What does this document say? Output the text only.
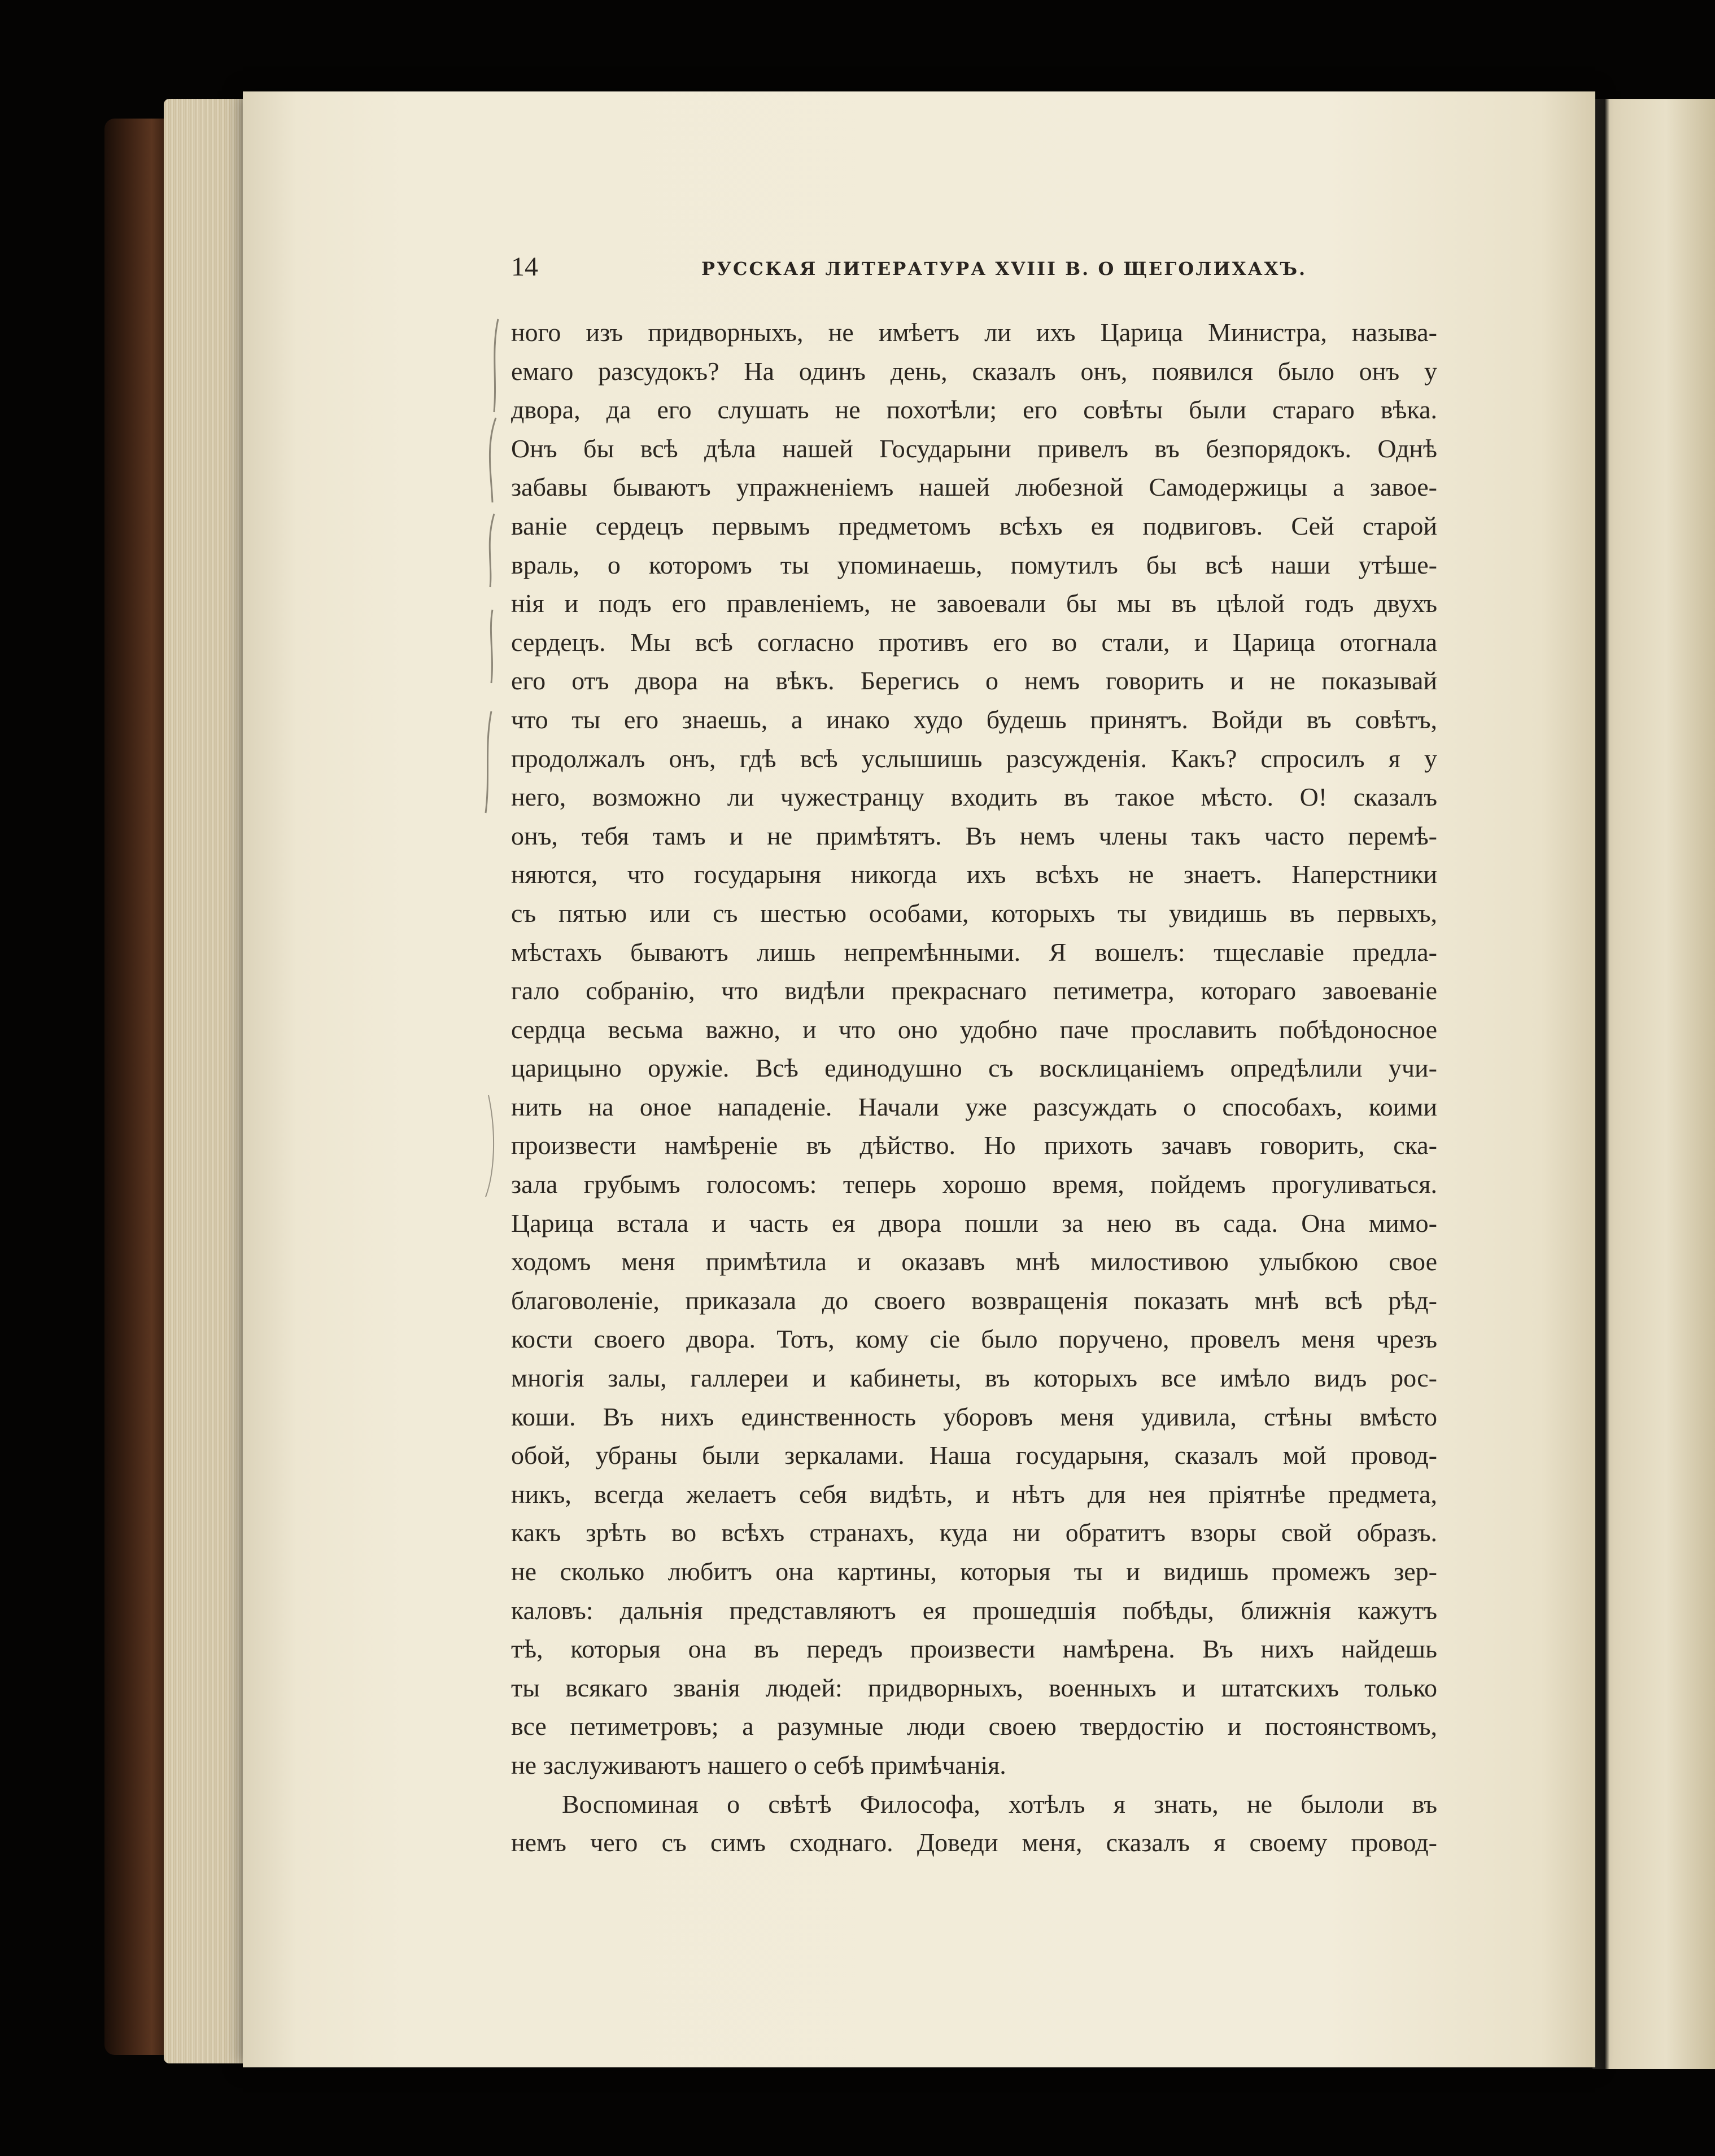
14	РУССКАЯ ЛИТЕРАТУРА XVIII В. О ЩЕГОЛИХАХЪ.
ного изъ придворныхъ, не имѣетъ ли ихъ Царица Министра, называ-
емаго разсудокъ? На одинъ день, сказалъ онъ, появился было онъ у
двора, да его слушать не похотѣли; его совѣты были стараго вѣка.
Онъ бы всѣ дѣла нашей Государыни привелъ въ безпорядокъ. Однѣ
забавы бываютъ упражненіемъ нашей любезной Самодержицы а завое-
ваніе сердецъ первымъ предметомъ всѣхъ ея подвиговъ. Сей старой
враль, о которомъ ты упоминаешь, помутилъ бы всѣ наши утѣше-
нія и подъ его правленіемъ, не завоевали бы мы въ цѣлой годъ двухъ
сердецъ. Мы всѣ согласно противъ его во стали, и Царица отогнала
его отъ двора на вѣкъ. Берегись о немъ говорить и не показывай
что ты его знаешь, а инако худо будешь принятъ. Войди въ совѣтъ,
продолжалъ онъ, гдѣ всѣ услышишь разсужденія. Какъ? спросилъ я у
него, возможно ли чужестранцу входить въ такое мѣсто. О! сказалъ
онъ, тебя тамъ и не примѣтятъ. Въ немъ члены такъ часто перемѣ-
няются, что государыня никогда ихъ всѣхъ не знаетъ. Наперстники
съ пятью или съ шестью особами, которыхъ ты увидишь въ первыхъ,
мѣстахъ бываютъ лишь непремѣнными. Я вошелъ: тщеславіе предла-
гало собранію, что видѣли прекраснаго петиметра, котораго завоеваніе
сердца весьма важно, и что оно удобно паче прославить побѣдоносное
царицыно оружіе. Всѣ единодушно съ восклицаніемъ опредѣлили учи-
нить на оное нападеніе. Начали уже разсуждать о способахъ, коими
произвести намѣреніе въ дѣйство. Но прихоть зачавъ говорить, ска-
зала грубымъ голосомъ: теперь хорошо время, пойдемъ прогуливаться.
Царица встала и часть ея двора пошли за нею въ сада. Она мимо-
ходомъ меня примѣтила и оказавъ мнѣ милостивою улыбкою свое
благоволеніе, приказала до своего возвращенія показать мнѣ всѣ рѣд-
кости своего двора. Тотъ, кому сіе было поручено, провелъ меня чрезъ
многія залы, галлереи и кабинеты, въ которыхъ все имѣло видъ рос-
коши. Въ нихъ единственность уборовъ меня удивила, стѣны вмѣсто
обой, убраны были зеркалами. Наша государыня, сказалъ мой провод-
никъ, всегда желаетъ себя видѣть, и нѣтъ для нея пріятнѣе предмета,
какъ зрѣть во всѣхъ странахъ, куда ни обратитъ взоры свой образъ.
не сколько любитъ она картины, которыя ты и видишь промежъ зер-
каловъ: дальнія представляютъ ея прошедшія побѣды, ближнія кажутъ
тѣ, которыя она въ передъ произвести намѣрена. Въ нихъ найдешь
ты всякаго званія людей: придворныхъ, военныхъ и штатскихъ только
все петиметровъ; а разумные люди своею твердостію и постоянствомъ,
не заслуживаютъ нашего о себѣ примѣчанія.
Воспоминая о свѣтѣ Философа, хотѣлъ я знать, не былоли въ
немъ чего съ симъ сходнаго. Доведи меня, сказалъ я своему провод-
